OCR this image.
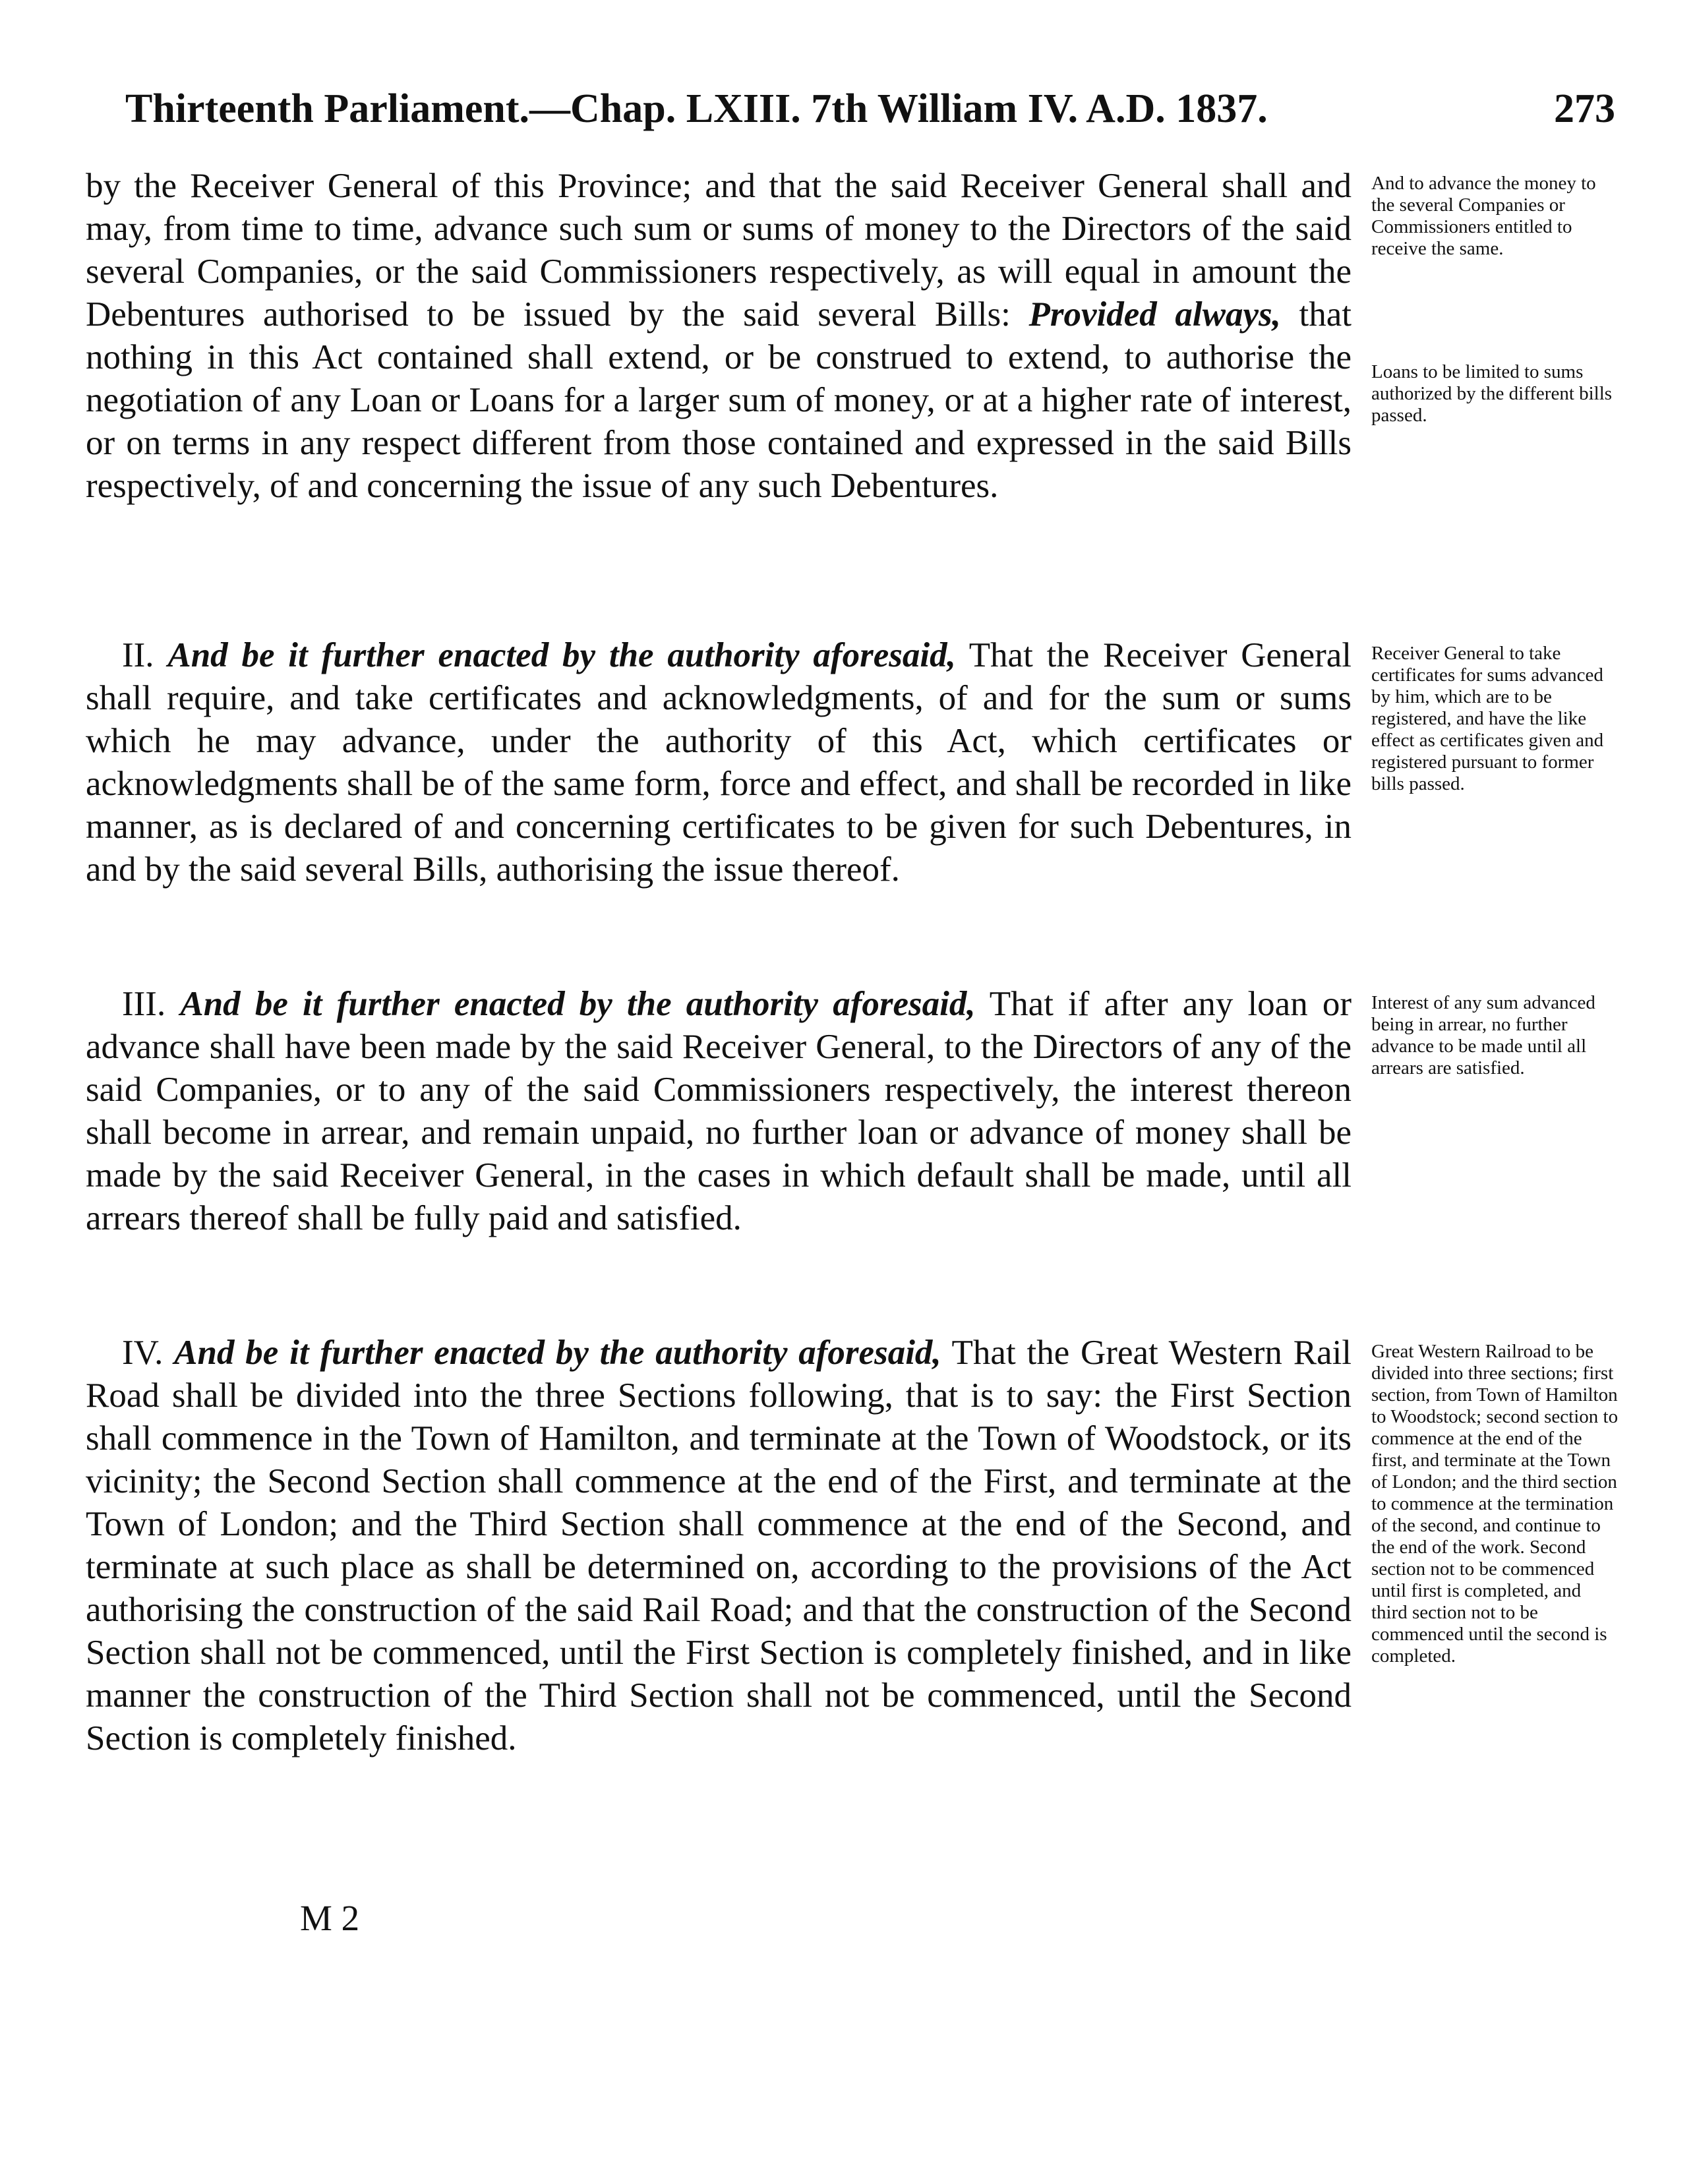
Thirteenth Parliament.—Chap. LXIII. 7th William IV. A.D. 1837.	273

by the Receiver General of this Province; and that the said Receiver General shall and may, from time to time, advance such sum or sums of money to the Directors of the said several Companies, or the said Commissioners respectively, as will equal in amount the Debentures authorised to be issued by the said several Bills: Provided always, that nothing in this Act contained shall extend, or be construed to extend, to authorise the negotiation of any Loan or Loans for a larger sum of money, or at a higher rate of interest, or on terms in any respect different from those contained and expressed in the said Bills respectively, of and concerning the issue of any such Debentures.

II. And be it further enacted by the authority aforesaid, That the Receiver General shall require, and take certificates and acknowledgments, of and for the sum or sums which he may advance, under the authority of this Act, which certificates or acknowledgments shall be of the same form, force and effect, and shall be recorded in like manner, as is declared of and concerning certificates to be given for such Debentures, in and by the said several Bills, authorising the issue thereof.

III. And be it further enacted by the authority aforesaid, That if after any loan or advance shall have been made by the said Receiver General, to the Directors of any of the said Companies, or to any of the said Commissioners respectively, the interest thereon shall become in arrear, and remain unpaid, no further loan or advance of money shall be made by the said Receiver General, in the cases in which default shall be made, until all arrears thereof shall be fully paid and satisfied.

IV. And be it further enacted by the authority aforesaid, That the Great Western Rail Road shall be divided into the three Sections following, that is to say: the First Section shall commence in the Town of Hamilton, and terminate at the Town of Woodstock, or its vicinity; the Second Section shall commence at the end of the First, and terminate at the Town of London; and the Third Section shall commence at the end of the Second, and terminate at such place as shall be determined on, according to the provisions of the Act authorising the construction of the said Rail Road; and that the construction of the Second Section shall not be commenced, until the First Section is completely finished, and in like manner the construction of the Third Section shall not be commenced, until the Second Section is completely finished.

And to advance the money to the several Companies or Commissioners entitled to receive the same.

Loans to be limited to sums authorized by the different bills passed.

Receiver General to take certificates for sums advanced by him, which are to be registered, and have the like effect as certificates given and registered pursuant to former bills passed.

Interest of any sum advanced being in arrear, no further advance to be made until all arrears are satisfied.

Great Western Railroad to be divided into three sections; first section, from Town of Hamilton to Woodstock; second section to commence at the end of the first, and terminate at the Town of London; and the third section to commence at the termination of the second, and continue to the end of the work. Second section not to be commenced until first is completed, and third section not to be commenced until the second is completed.

M 2
